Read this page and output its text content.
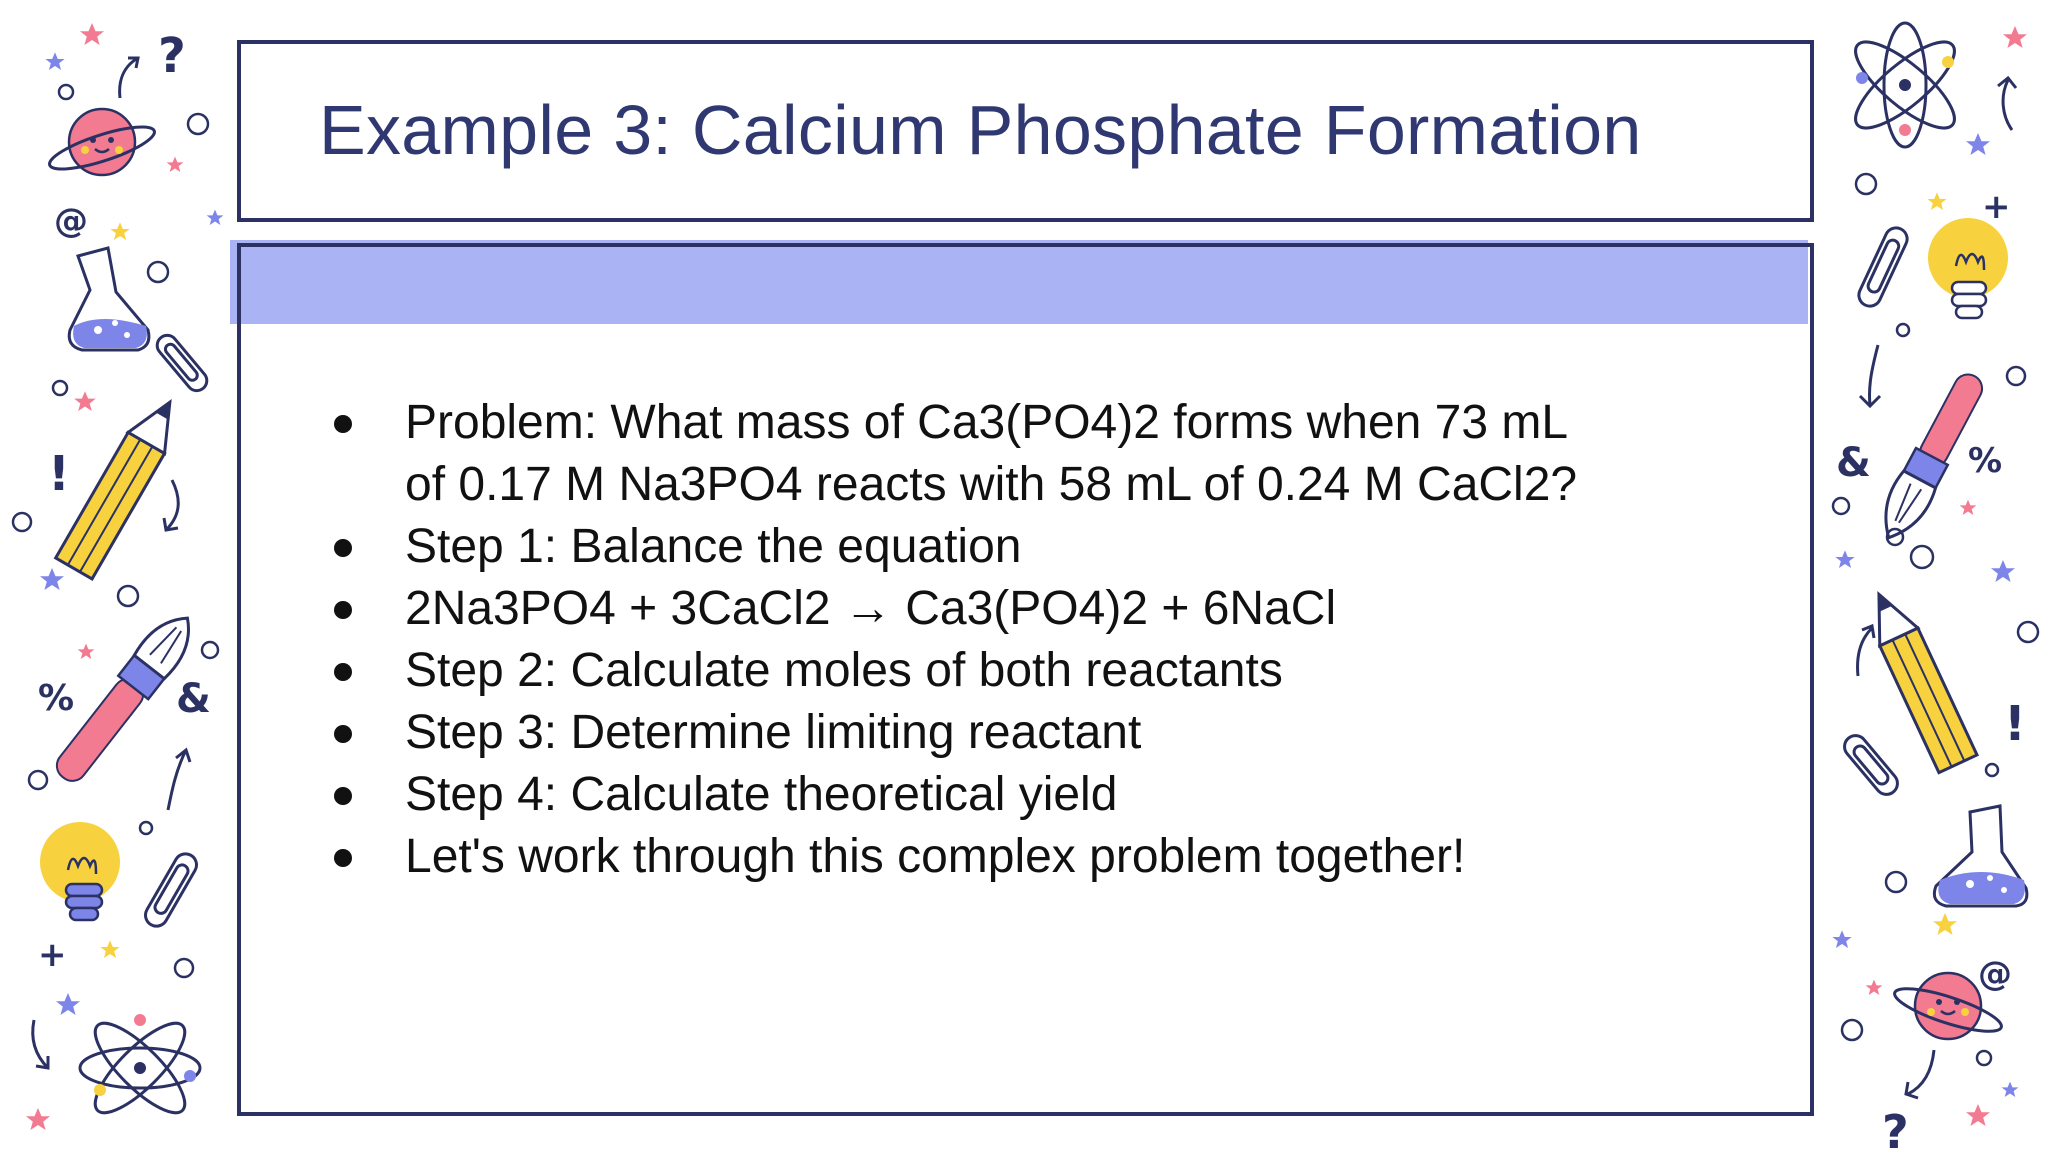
?
@
!
%	&
+
+
&	%
!
@
?
Example 3: Calcium Phosphate Formation
Problem: What mass of Ca3(PO4)2 forms when 73 mL
of 0.17 M Na3PO4 reacts with 58 mL of 0.24 M CaCl2?
Step 1: Balance the equation
2Na3PO4 + 3CaCl2 → Ca3(PO4)2 + 6NaCl
Step 2: Calculate moles of both reactants
Step 3: Determine limiting reactant
Step 4: Calculate theoretical yield
Let's work through this complex problem together!
